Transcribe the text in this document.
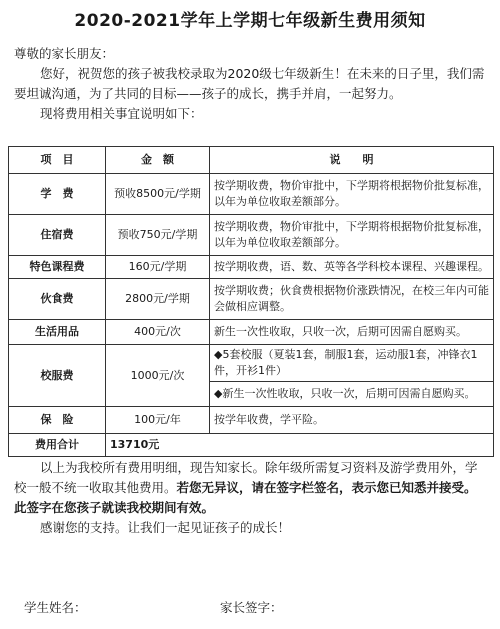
2020-2021学年上学期七年级新生费用须知

尊敬的家长朋友：

您好，祝贺您的孩子被我校录取为2020级七年级新生！在未来的日子里，我们需要坦诚沟通，为了共同的目标——孩子的成长，携手并肩，一起努力。

现将费用相关事宜说明如下：

项　目	金　额	说　　明
学　费	预收8500元/学期	按学期收费，物价审批中，下学期将根据物价批复标准，以年为单位收取差额部分。
住宿费	预收750元/学期	按学期收费，物价审批中，下学期将根据物价批复标准，以年为单位收取差额部分。
特色课程费	160元/学期	按学期收费，语、数、英等各学科校本课程、兴趣课程。
伙食费	2800元/学期	按学期收费；伙食费根据物价涨跌情况，在校三年内可能会做相应调整。
生活用品	400元/次	新生一次性收取，只收一次，后期可因需自愿购买。
校服费	1000元/次	◆5套校服（夏装1套，制服1套，运动服1套，冲锋衣1件，开衫1件）
◆新生一次性收取，只收一次，后期可因需自愿购买。

保　险	100元/年	按学年收费，学平险。
费用合计	13710元	

以上为我校所有费用明细，现告知家长。除年级所需复习资料及游学费用外，学校一般不统一收取其他费用。若您无异议，请在签字栏签名，表示您已知悉并接受。此签字在您孩子就读我校期间有效。

感谢您的支持。让我们一起见证孩子的成长！

学生姓名：	家长签字：
